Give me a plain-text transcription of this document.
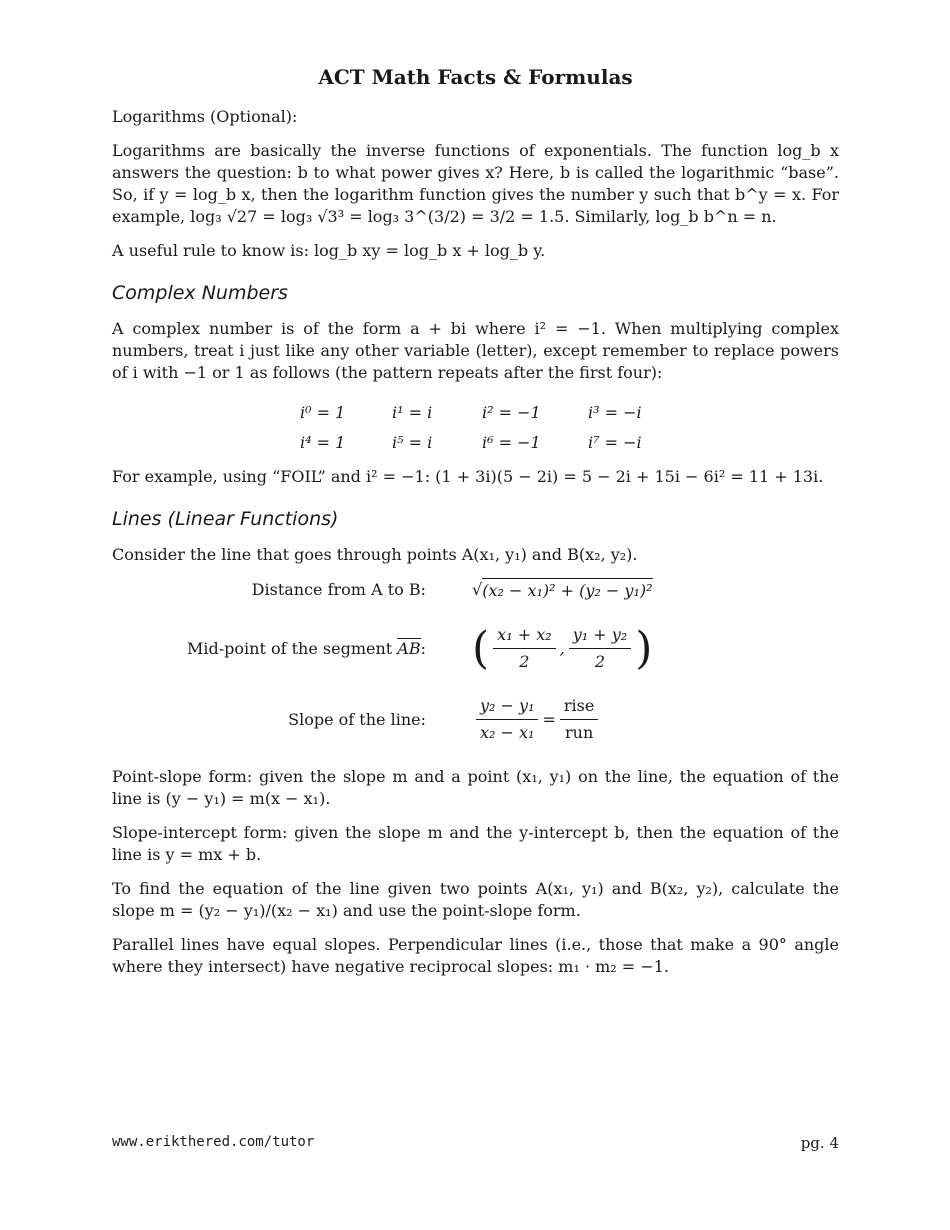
ACT Math Facts & Formulas
Logarithms (Optional):
Logarithms are basically the inverse functions of exponentials. The function log_b x answers the question: b to what power gives x? Here, b is called the logarithmic “base”. So, if y = log_b x, then the logarithm function gives the number y such that b^y = x. For example, log₃ √27 = log₃ √3³ = log₃ 3^(3/2) = 3/2 = 1.5. Similarly, log_b b^n = n.
A useful rule to know is: log_b xy = log_b x + log_b y.
Complex Numbers
A complex number is of the form a + bi where i² = −1. When multiplying complex numbers, treat i just like any other variable (letter), except remember to replace powers of i with −1 or 1 as follows (the pattern repeats after the first four):
i⁰ = 1	i¹ = i	i² = −1	i³ = −i
i⁴ = 1	i⁵ = i	i⁶ = −1	i⁷ = −i
For example, using “FOIL” and i² = −1: (1 + 3i)(5 − 2i) = 5 − 2i + 15i − 6i² = 11 + 13i.
Lines (Linear Functions)
Consider the line that goes through points A(x₁, y₁) and B(x₂, y₂).
Distance from A to B:	√ (x₂ − x₁)² + (y₂ − y₁)²
Mid-point of the segment AB:	( $\frac{\text{x₁ + x₂}}{2}$ , $\frac{\text{y₁ + y₂}}{2}$ )
Slope of the line:	$\frac{\text{y₂ − y₁}}{\text{x₂ − x₁}} = \frac{\text{rise}}{\text{run}}$
Point-slope form: given the slope m and a point (x₁, y₁) on the line, the equation of the line is (y − y₁) = m(x − x₁).
Slope-intercept form: given the slope m and the y-intercept b, then the equation of the line is y = mx + b.
To find the equation of the line given two points A(x₁, y₁) and B(x₂, y₂), calculate the slope m = (y₂ − y₁)/(x₂ − x₁) and use the point-slope form.
Parallel lines have equal slopes. Perpendicular lines (i.e., those that make a 90° angle where they intersect) have negative reciprocal slopes: m₁ · m₂ = −1.
www.erikthered.com/tutor	pg. 4
